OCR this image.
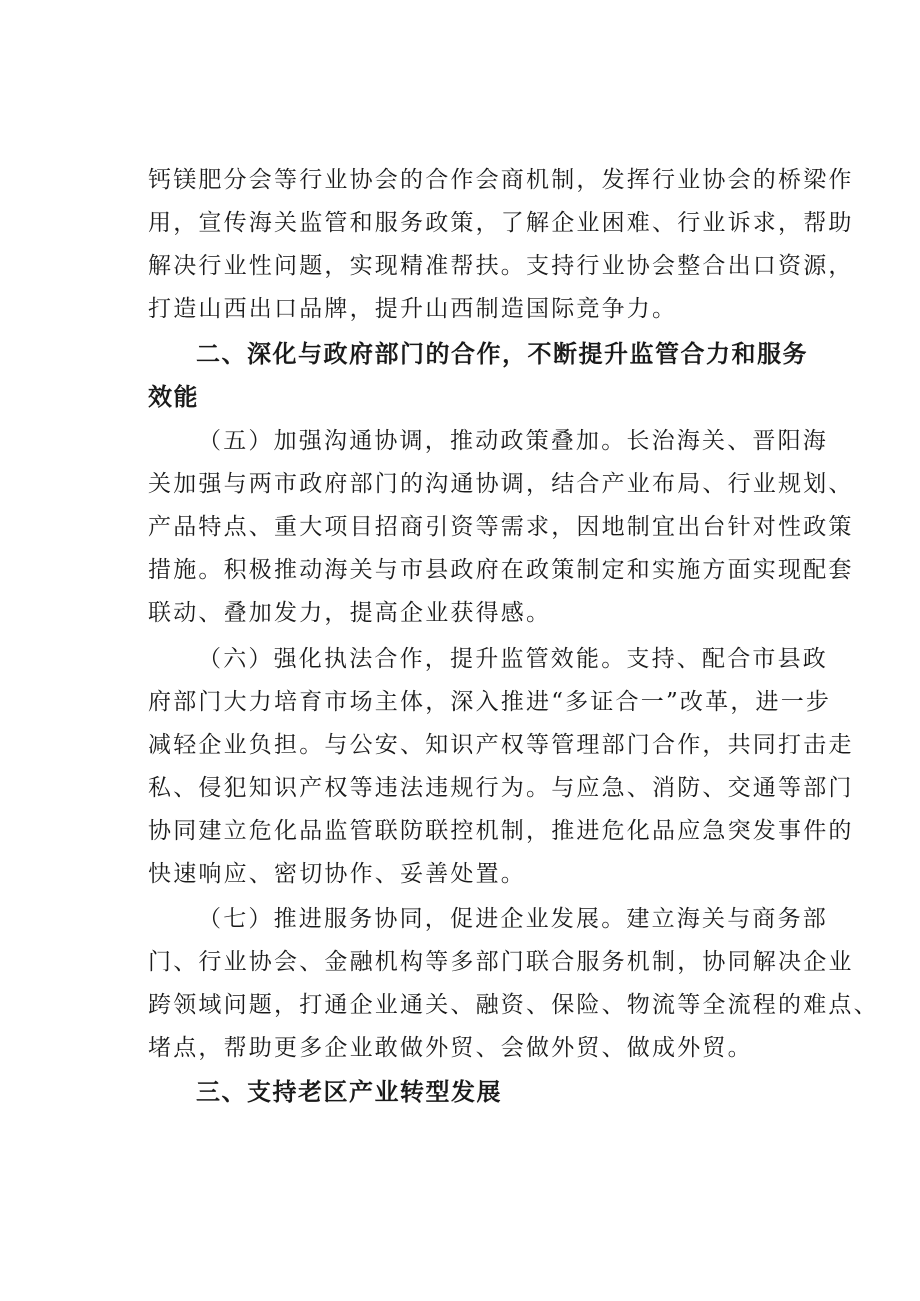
钙镁肥分会等行业协会的合作会商机制，发挥行业协会的桥梁作
用，宣传海关监管和服务政策，了解企业困难、行业诉求，帮助
解决行业性问题，实现精准帮扶。支持行业协会整合出口资源，
打造山西出口品牌，提升山西制造国际竞争力。
二、深化与政府部门的合作，不断提升监管合力和服务
效能
（五）加强沟通协调，推动政策叠加。长治海关、晋阳海
关加强与两市政府部门的沟通协调，结合产业布局、行业规划、
产品特点、重大项目招商引资等需求，因地制宜出台针对性政策
措施。积极推动海关与市县政府在政策制定和实施方面实现配套
联动、叠加发力，提高企业获得感。
（六）强化执法合作，提升监管效能。支持、配合市县政
府部门大力培育市场主体，深入推进“多证合一”改革，进一步
减轻企业负担。与公安、知识产权等管理部门合作，共同打击走
私、侵犯知识产权等违法违规行为。与应急、消防、交通等部门
协同建立危化品监管联防联控机制，推进危化品应急突发事件的
快速响应、密切协作、妥善处置。
（七）推进服务协同，促进企业发展。建立海关与商务部
门、行业协会、金融机构等多部门联合服务机制，协同解决企业
跨领域问题，打通企业通关、融资、保险、物流等全流程的难点、
堵点，帮助更多企业敢做外贸、会做外贸、做成外贸。
三、支持老区产业转型发展
